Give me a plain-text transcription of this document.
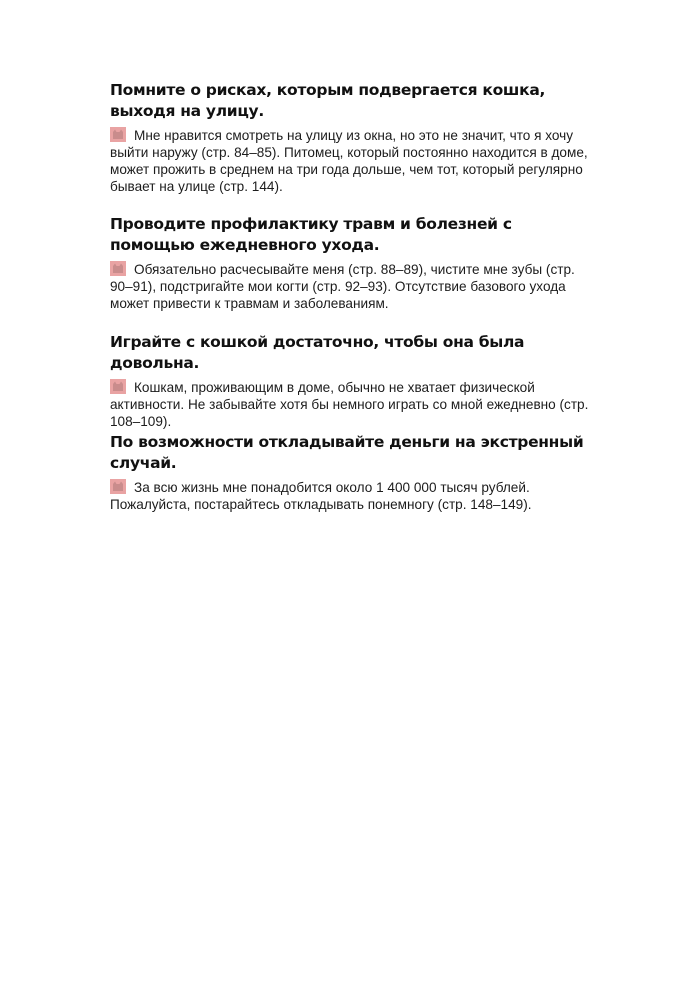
Помните о рисках, которым подвергается кошка, выходя на улицу.

Мне нравится смотреть на улицу из окна, но это не значит, что я хочу выйти наружу (стр. 84–85). Питомец, который постоянно находится в доме, может прожить в среднем на три года дольше, чем тот, который регулярно бывает на улице (стр. 144).

Проводите профилактику травм и болезней с помощью ежедневного ухода.

Обязательно расчесывайте меня (стр. 88–89), чистите мне зубы (стр. 90–91), подстригайте мои когти (стр. 92–93). Отсутствие базового ухода может привести к травмам и заболеваниям.

Играйте с кошкой достаточно, чтобы она была довольна.

Кошкам, проживающим в доме, обычно не хватает физической активности. Не забывайте хотя бы немного играть со мной ежедневно (стр. 108–109).

По возможности откладывайте деньги на экстренный случай.

За всю жизнь мне понадобится около 1 400 000 тысяч рублей. Пожалуйста, постарайтесь откладывать понемногу (стр. 148–149).
